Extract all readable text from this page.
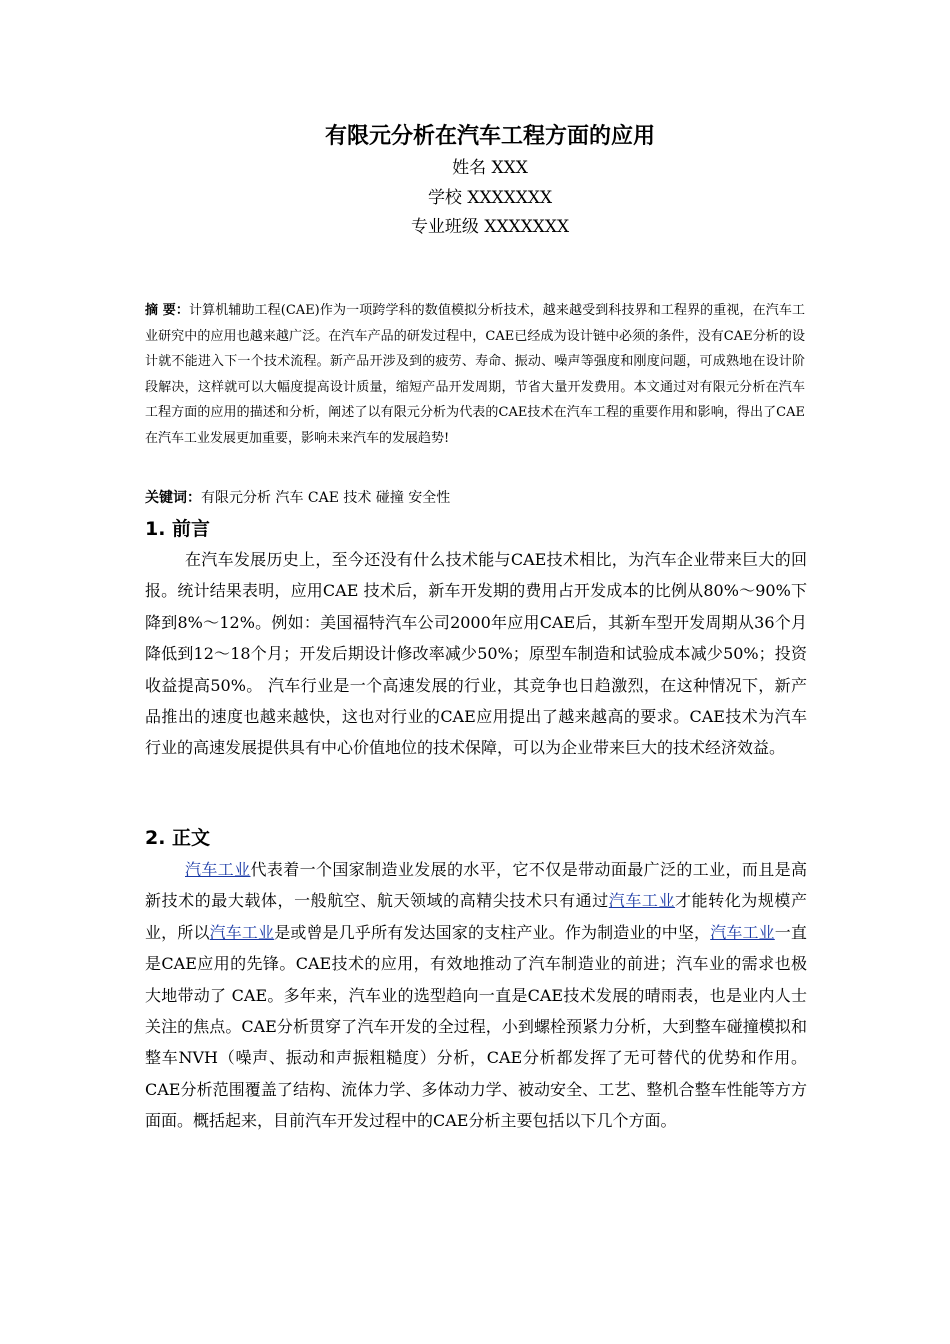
有限元分析在汽车工程方面的应用
姓名 XXX
学校 XXXXXXX
专业班级 XXXXXXX

摘 要：计算机辅助工程(CAE)作为一项跨学科的数值模拟分析技术，越来越受到科技界和工程界的重视，在汽车工业研究中的应用也越来越广泛。在汽车产品的研发过程中，CAE已经成为设计链中必须的条件，没有CAE分析的设计就不能进入下一个技术流程。新产品开涉及到的疲劳、寿命、振动、噪声等强度和刚度问题，可成熟地在设计阶段解决，这样就可以大幅度提高设计质量，缩短产品开发周期，节省大量开发费用。本文通过对有限元分析在汽车工程方面的应用的描述和分析，阐述了以有限元分析为代表的CAE技术在汽车工程的重要作用和影响，得出了CAE在汽车工业发展更加重要，影响未来汽车的发展趋势!

关键词：有限元分析 汽车 CAE 技术 碰撞 安全性

1. 前言

在汽车发展历史上，至今还没有什么技术能与CAE技术相比，为汽车企业带来巨大的回报。统计结果表明，应用CAE 技术后，新车开发期的费用占开发成本的比例从80%～90%下降到8%～12%。例如：美国福特汽车公司2000年应用CAE后，其新车型开发周期从36个月降低到12～18个月；开发后期设计修改率减少50%；原型车制造和试验成本减少50%；投资收益提高50%。 汽车行业是一个高速发展的行业，其竞争也日趋激烈，在这种情况下，新产品推出的速度也越来越快，这也对行业的CAE应用提出了越来越高的要求。CAE技术为汽车行业的高速发展提供具有中心价值地位的技术保障，可以为企业带来巨大的技术经济效益。

2. 正文

汽车工业代表着一个国家制造业发展的水平，它不仅是带动面最广泛的工业，而且是高新技术的最大载体，一般航空、航天领域的高精尖技术只有通过汽车工业才能转化为规模产业，所以汽车工业是或曾是几乎所有发达国家的支柱产业。作为制造业的中坚，汽车工业一直是CAE应用的先锋。CAE技术的应用，有效地推动了汽车制造业的前进；汽车业的需求也极大地带动了 CAE。多年来，汽车业的选型趋向一直是CAE技术发展的晴雨表，也是业内人士关注的焦点。CAE分析贯穿了汽车开发的全过程，小到螺栓预紧力分析，大到整车碰撞模拟和整车NVH（噪声、振动和声振粗糙度）分析，CAE分析都发挥了无可替代的优势和作用。CAE分析范围覆盖了结构、流体力学、多体动力学、被动安全、工艺、整机合整车性能等方方面面。概括起来，目前汽车开发过程中的CAE分析主要包括以下几个方面。
